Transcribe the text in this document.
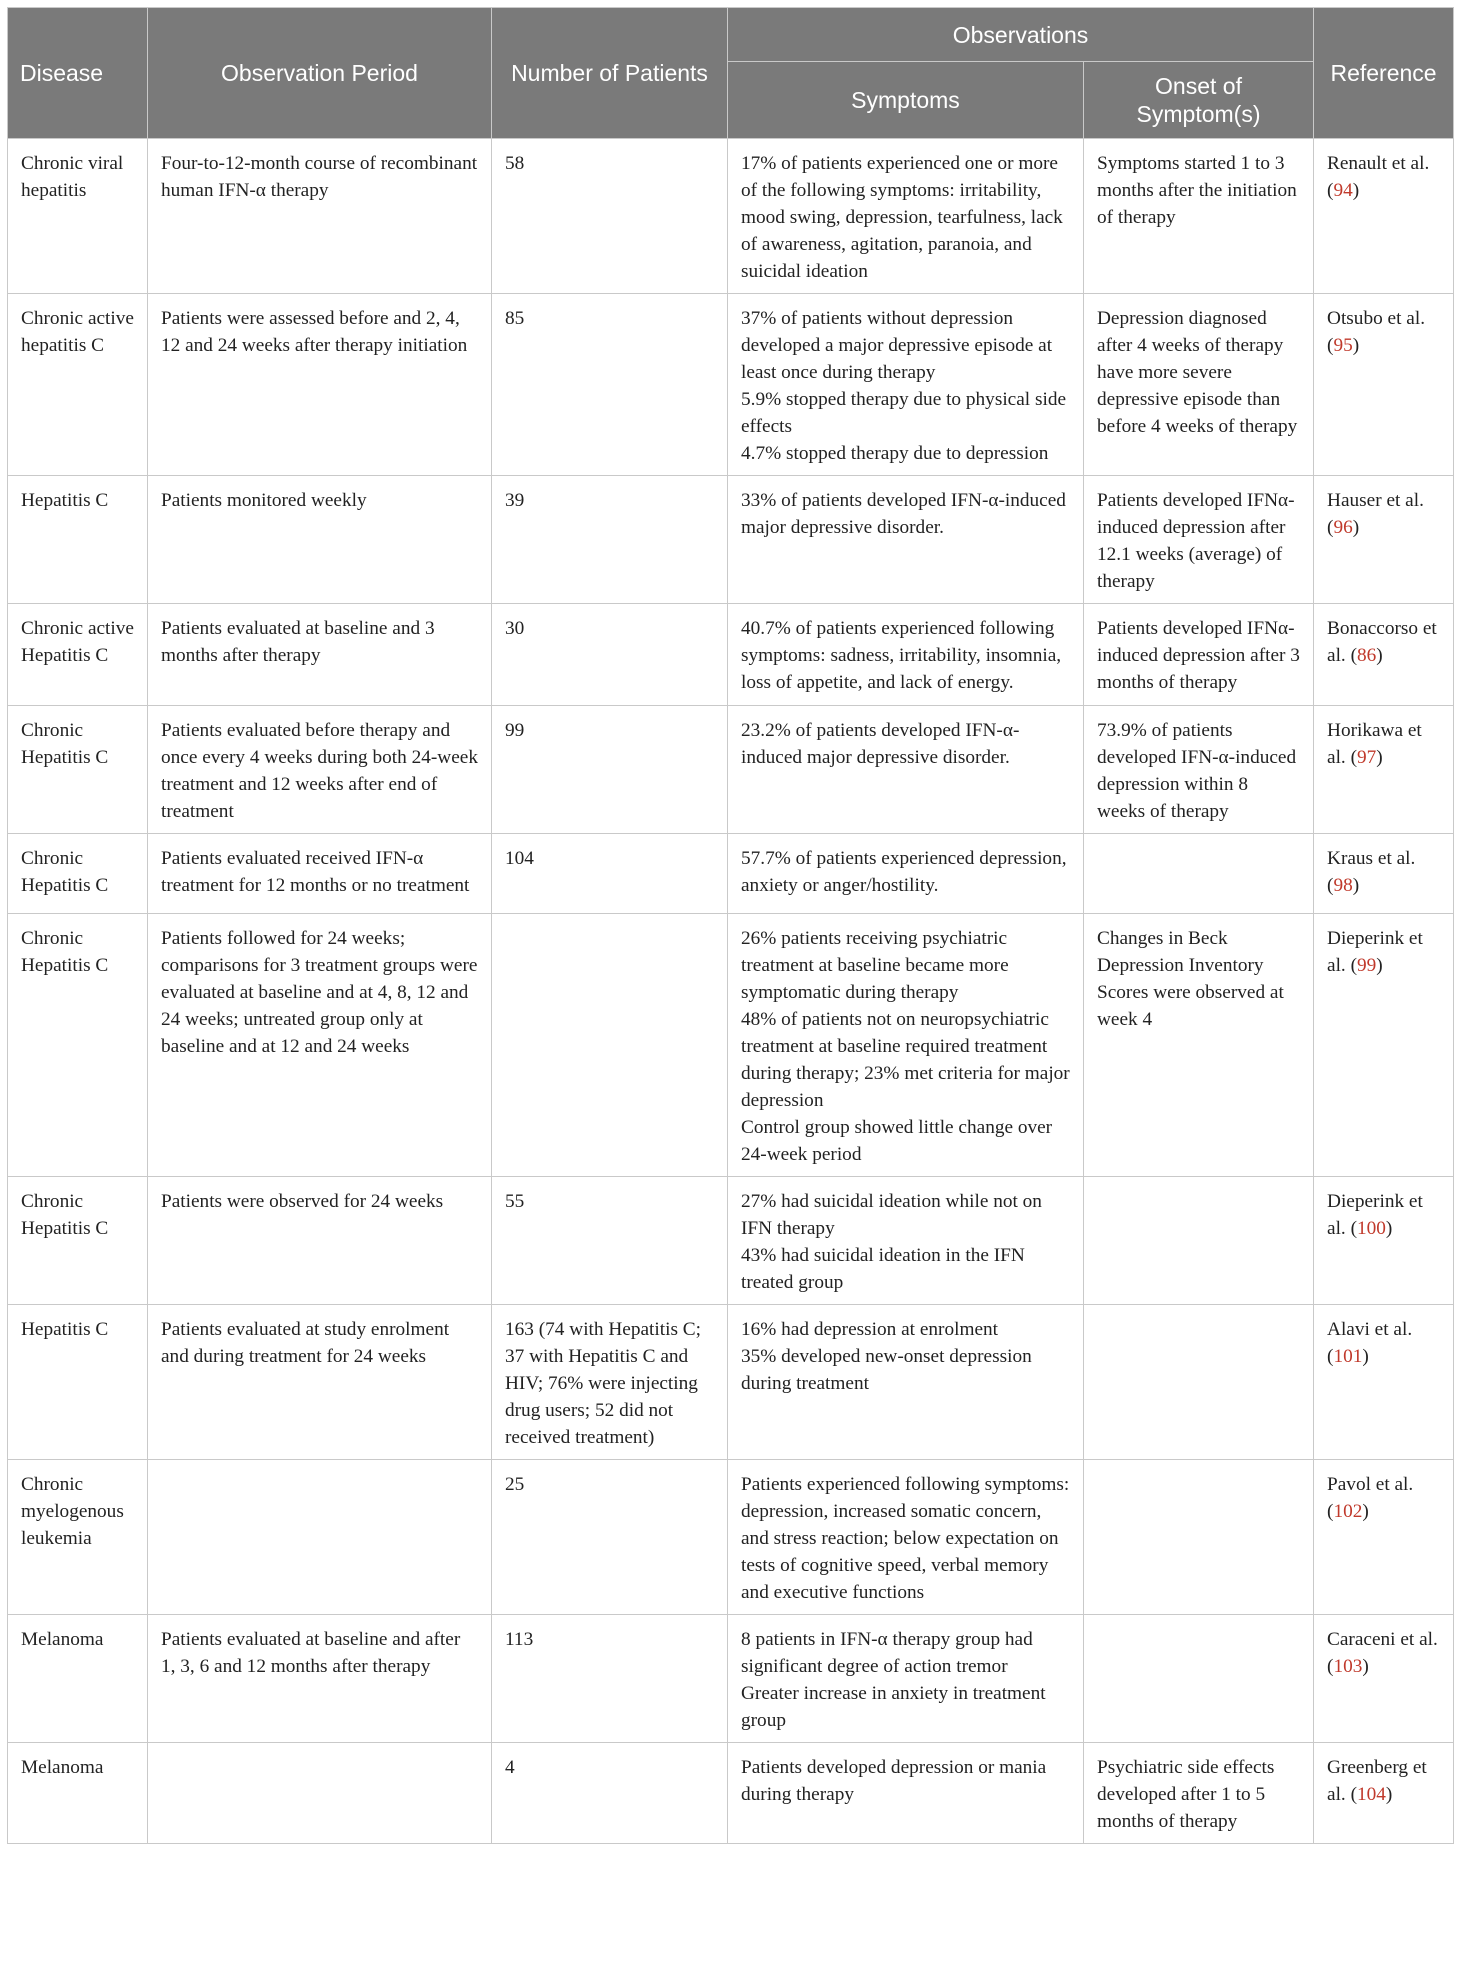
Disease	Observation Period	Number of Patients	Observations		Reference
			Symptoms	Onset of Symptom(s)	
Chronic viral hepatitis	Four-to-12-month course of recombinant human IFN-α therapy	58	17% of patients experienced one or more of the following symptoms: irritability, mood swing, depression, tearfulness, lack of awareness, agitation, paranoia, and suicidal ideation	Symptoms started 1 to 3 months after the initiation of therapy	Renault et al. (94)
Chronic active hepatitis C	Patients were assessed before and 2, 4, 12 and 24 weeks after therapy initiation	85	37% of patients without depression developed a major depressive episode at least once during therapy
5.9% stopped therapy due to physical side effects
4.7% stopped therapy due to depression	Depression diagnosed after 4 weeks of therapy have more severe depressive episode than before 4 weeks of therapy	Otsubo et al. (95)
Hepatitis C	Patients monitored weekly	39	33% of patients developed IFN-α-induced major depressive disorder.	Patients developed IFNα-induced depression after 12.1 weeks (average) of therapy	Hauser et al. (96)
Chronic active Hepatitis C	Patients evaluated at baseline and 3 months after therapy	30	40.7% of patients experienced following symptoms: sadness, irritability, insomnia, loss of appetite, and lack of energy.	Patients developed IFNα-induced depression after 3 months of therapy	Bonaccorso et al. (86)
Chronic Hepatitis C	Patients evaluated before therapy and once every 4 weeks during both 24-week treatment and 12 weeks after end of treatment	99	23.2% of patients developed IFN-α-induced major depressive disorder.	73.9% of patients developed IFN-α-induced depression within 8 weeks of therapy	Horikawa et al. (97)
Chronic Hepatitis C	Patients evaluated received IFN-α treatment for 12 months or no treatment	104	57.7% of patients experienced depression, anxiety or anger/hostility.		Kraus et al. (98)
Chronic Hepatitis C	Patients followed for 24 weeks; comparisons for 3 treatment groups were evaluated at baseline and at 4, 8, 12 and 24 weeks; untreated group only at baseline and at 12 and 24 weeks		26% patients receiving psychiatric treatment at baseline became more symptomatic during therapy
48% of patients not on neuropsychiatric treatment at baseline required treatment during therapy; 23% met criteria for major depression
Control group showed little change over 24-week period	Changes in Beck Depression Inventory Scores were observed at week 4	Dieperink et al. (99)
Chronic Hepatitis C	Patients were observed for 24 weeks	55	27% had suicidal ideation while not on IFN therapy
43% had suicidal ideation in the IFN treated group		Dieperink et al. (100)
Hepatitis C	Patients evaluated at study enrolment and during treatment for 24 weeks	163 (74 with Hepatitis C; 37 with Hepatitis C and HIV; 76% were injecting drug users; 52 did not received treatment)	16% had depression at enrolment
35% developed new-onset depression during treatment		Alavi et al. (101)
Chronic myelogenous leukemia		25	Patients experienced following symptoms: depression, increased somatic concern, and stress reaction; below expectation on tests of cognitive speed, verbal memory and executive functions		Pavol et al. (102)
Melanoma	Patients evaluated at baseline and after 1, 3, 6 and 12 months after therapy	113	8 patients in IFN-α therapy group had significant degree of action tremor
Greater increase in anxiety in treatment group		Caraceni et al. (103)
Melanoma		4	Patients developed depression or mania during therapy	Psychiatric side effects developed after 1 to 5 months of therapy	Greenberg et al. (104)
